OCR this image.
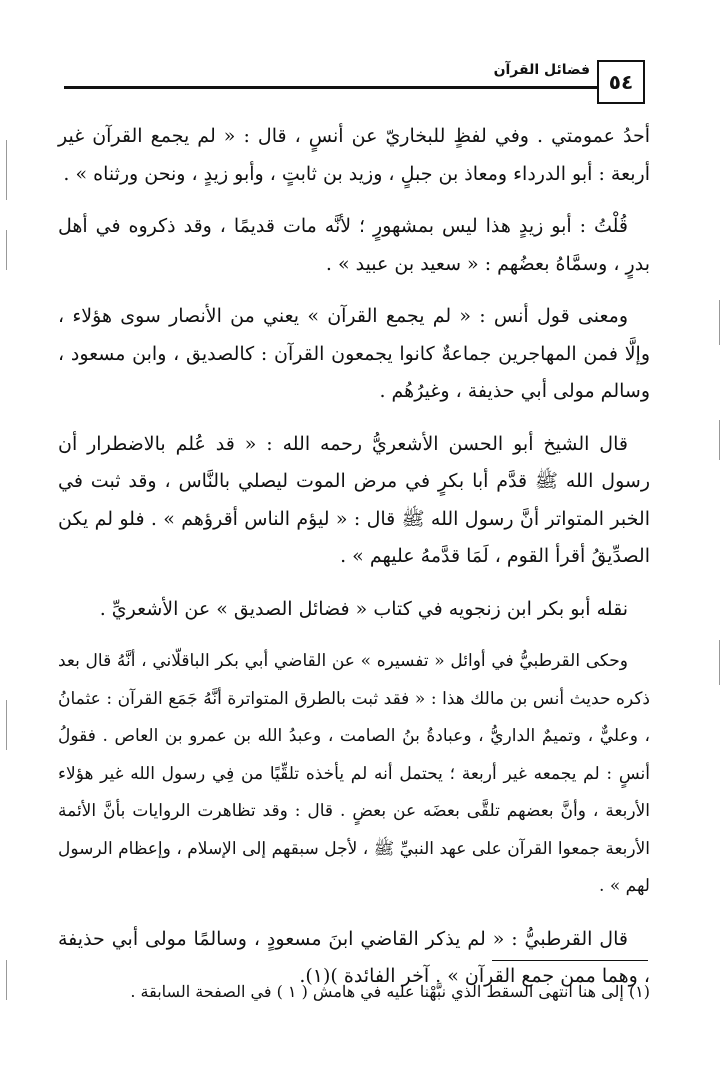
٥٤
فضائل القرآن

أحدُ عمومتي . وفي لفظٍ للبخاريّ عن أنسٍ ، قال : « لم يجمع القرآن غير أربعة : أبو الدرداء ومعاذ بن جبلٍ ، وزيد بن ثابتٍ ، وأبو زيدٍ ، ونحن ورثناه » .

قُلْتُ : أبو زيدٍ هذا ليس بمشهورٍ ؛ لأنَّه مات قديمًا ، وقد ذكروه في أهل بدرٍ ، وسمَّاهُ بعضُهم : « سعيد بن عبيد » .

ومعنى قول أنس : « لم يجمع القرآن » يعني من الأنصار سوى هؤلاء ، وإلَّا فمن المهاجرين جماعةٌ كانوا يجمعون القرآن : كالصديق ، وابن مسعود ، وسالم مولى أبي حذيفة ، وغيرُهُم .

قال الشيخ أبو الحسن الأشعريُّ رحمه الله : « قد عُلم بالاضطرار أن رسول الله ﷺ قدَّم أبا بكرٍ في مرض الموت ليصلي بالنَّاس ، وقد ثبت في الخبر المتواتر أنَّ رسول الله ﷺ قال : « ليؤم الناس أقرؤهم » . فلو لم يكن الصدِّيقُ أقرأ القوم ، لَمَا قدَّمهُ عليهم » .

نقله أبو بكر ابن زنجويه في كتاب « فضائل الصديق » عن الأشعريِّ .

وحكى القرطبيُّ في أوائل « تفسيره » عن القاضي أبي بكر الباقلّاني ، أنَّهُ قال بعد ذكره حديث أنس بن مالك هذا : « فقد ثبت بالطرق المتواترة أنَّهُ جَمَع القرآن : عثمانُ ، وعليٌّ ، وتميمٌ الداريُّ ، وعبادةُ بنُ الصامت ، وعبدُ الله بن عمرو بن العاص . فقولُ أنسٍ : لم يجمعه غير أربعة ؛ يحتمل أنه لم يأخذه تلقِّيًا من فِي رسول الله غير هؤلاء الأربعة ، وأنَّ بعضهم تلقَّى بعضَه عن بعضٍ . قال : وقد تظاهرت الروايات بأنَّ الأئمة الأربعة جمعوا القرآن على عهد النبيِّ ﷺ ، لأجل سبقهم إلى الإسلام ، وإعظام الرسول لهم » .

قال القرطبيُّ : « لم يذكر القاضي ابنَ مسعودٍ ، وسالمًا مولى أبي حذيفة ، وهما ممن جمع القرآن » . آخر الفائدة )(١).

(١) إلى هنا انتهى السقط الذي نبَّهْنا عليه في هامش ( ١ ) في الصفحة السابقة .
